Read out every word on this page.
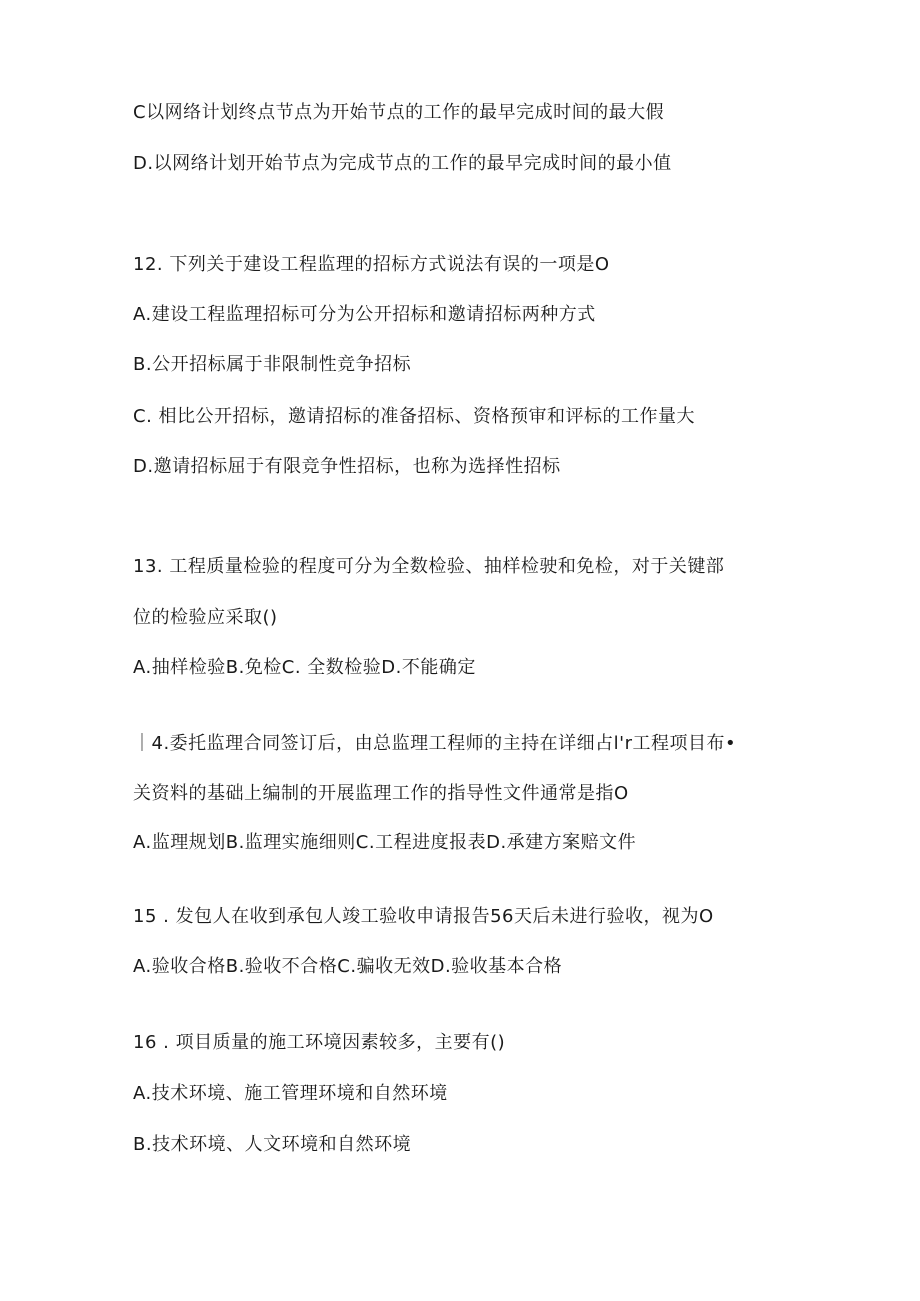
C以网络计划终点节点为开始节点的工作的最早完成时间的最大假
D.以网络计划开始节点为完成节点的工作的最早完成时间的最小值
12. 下列关于建设工程监理的招标方式说法有误的一项是O
A.建设工程监理招标可分为公开招标和邀请招标两种方式
B.公开招标属于非限制性竞争招标
C. 相比公开招标，邀请招标的准备招标、资格预审和评标的工作量大
D.邀请招标屈于有限竞争性招标，也称为选择性招标
13. 工程质量检验的程度可分为全数检验、抽样检驶和免检，对于关键部
位的检验应采取()
A.抽样检验B.免检C. 全数检验D.不能确定
｜4.委托监理合同签订后，由总监理工程师的主持在详细占l'r工程项目布•
关资料的基础上编制的开展监理工作的指导性文件通常是指O
A.监理规划B.监理实施细则C.工程进度报表D.承建方案赔文件
15 . 发包人在收到承包人竣工验收申请报告56天后未进行验收，视为O
A.验收合格B.验收不合格C.骗收无效D.验收基本合格
16 . 项目质量的施工环境因素较多，主要有()
A.技术环境、施工管理环境和自然环境
B.技术环境、人文环境和自然环境
